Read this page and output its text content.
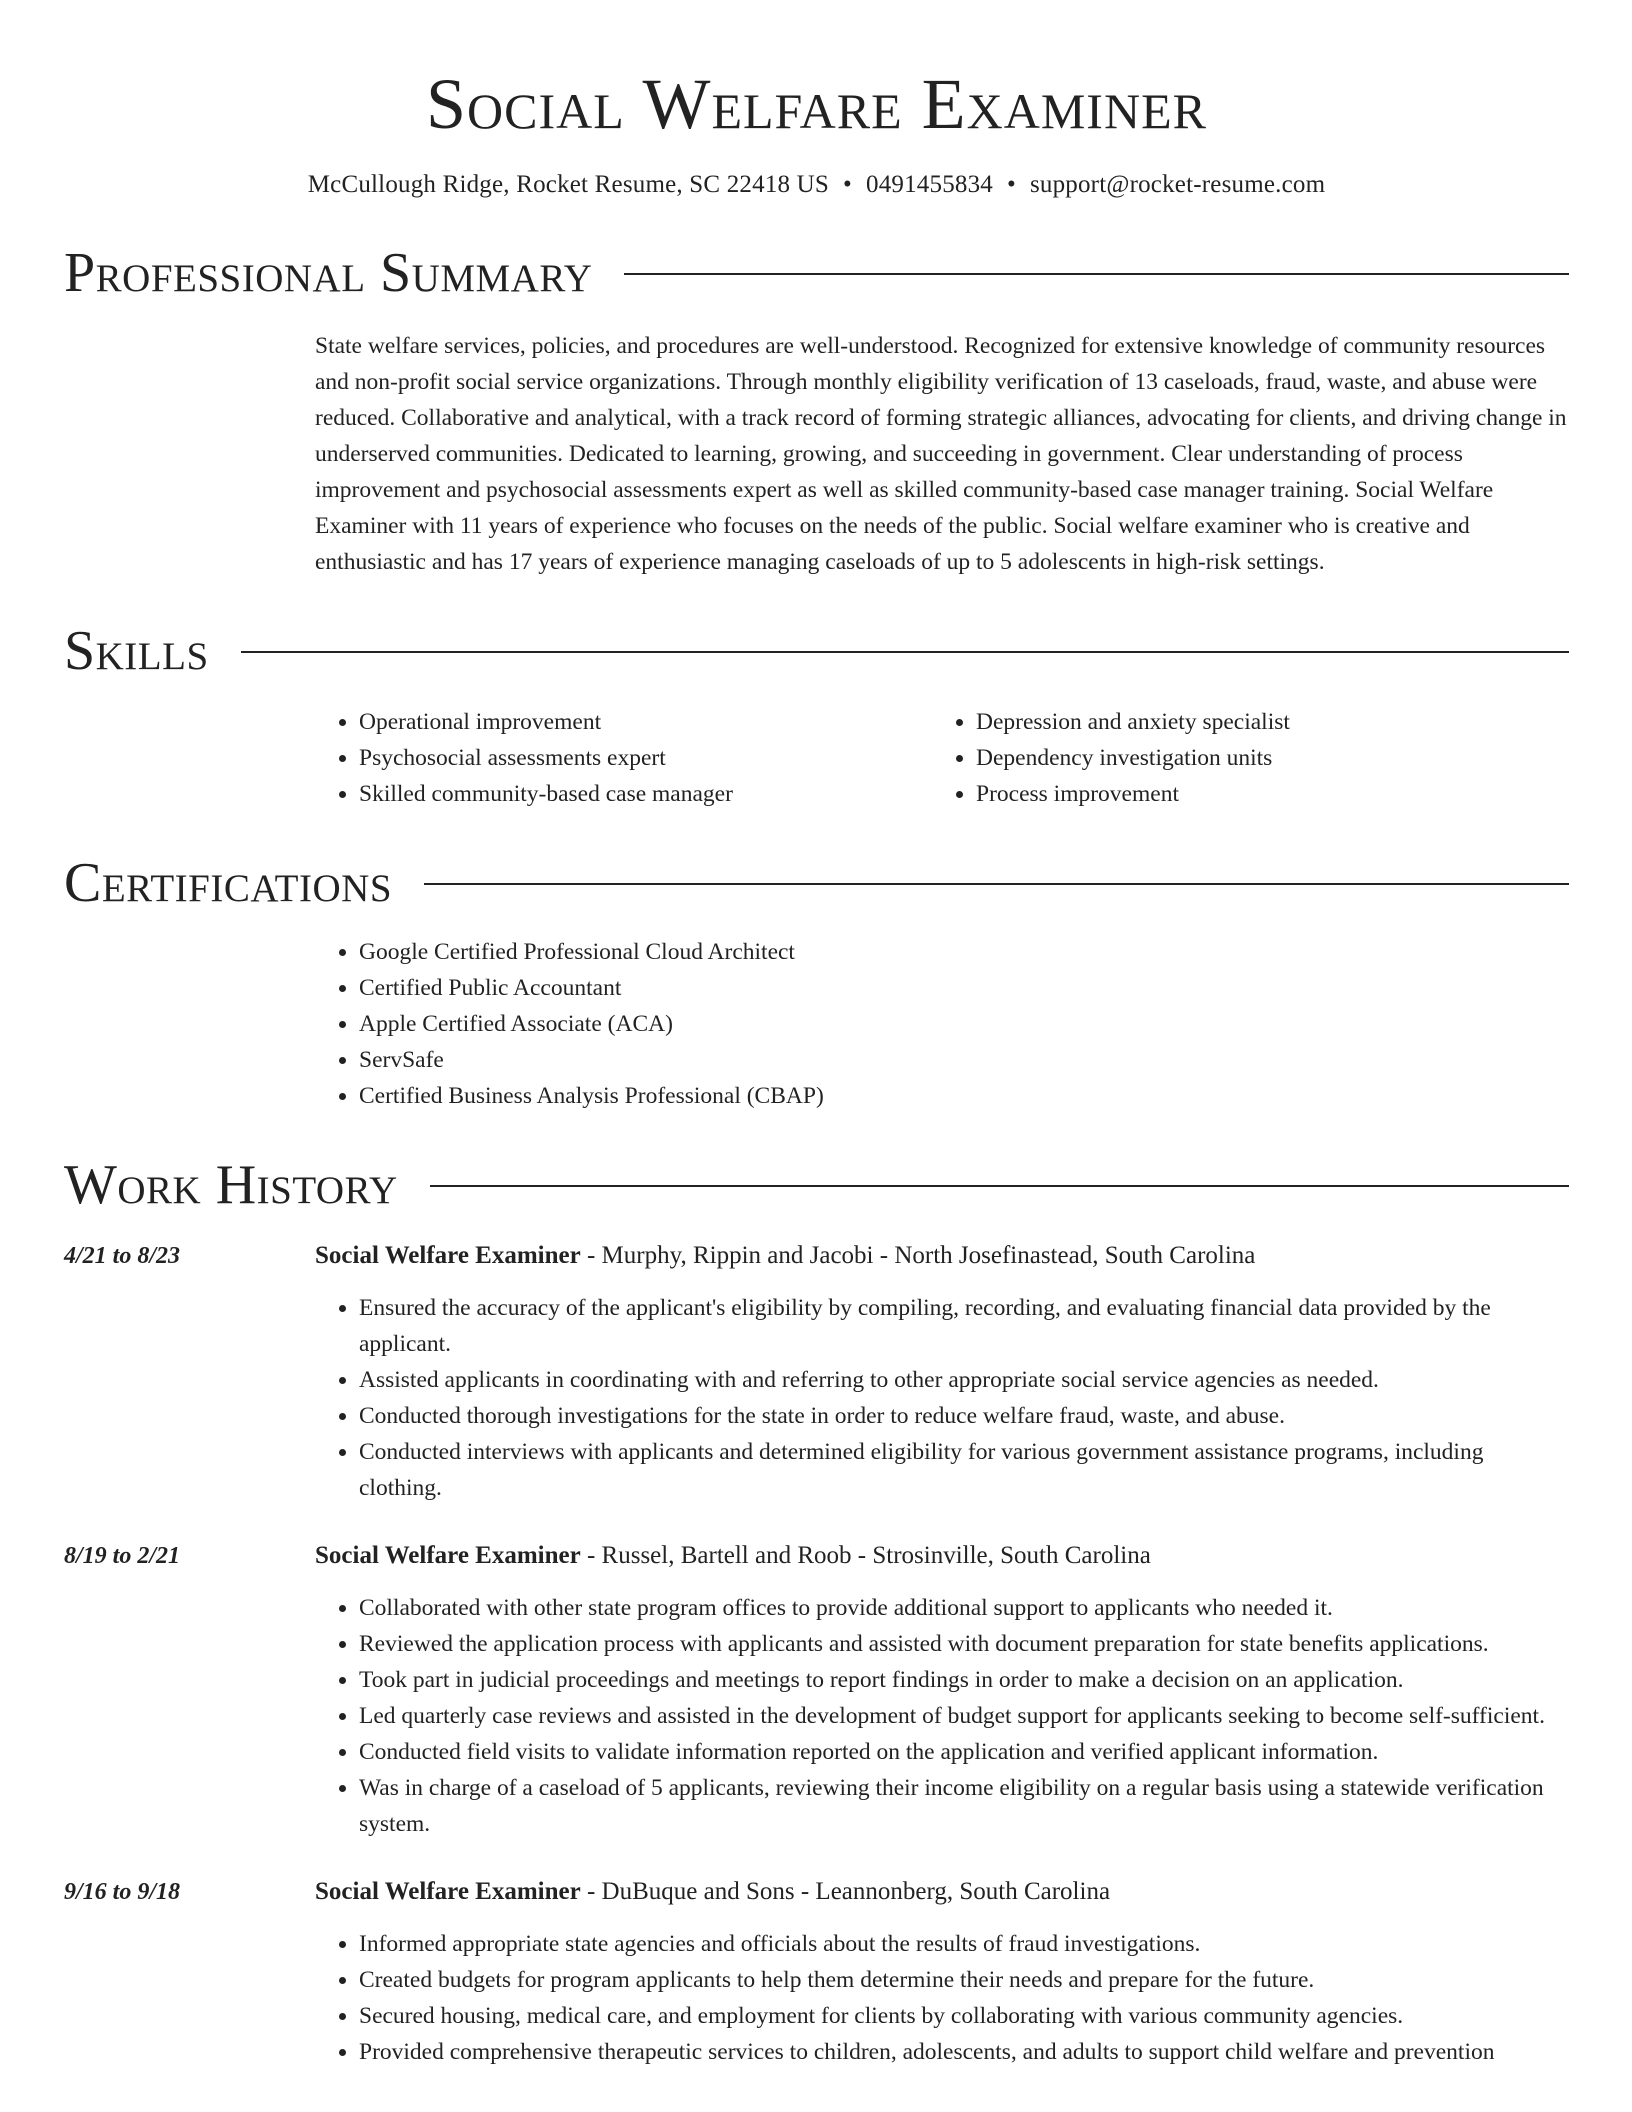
Social Welfare Examiner
McCullough Ridge, Rocket Resume, SC 22418 US • 0491455834 • support@rocket-resume.com
Professional Summary

State welfare services, policies, and procedures are well-understood. Recognized for extensive knowledge of community resources and non-profit social service organizations. Through monthly eligibility verification of 13 caseloads, fraud, waste, and abuse were reduced. Collaborative and analytical, with a track record of forming strategic alliances, advocating for clients, and driving change in underserved communities. Dedicated to learning, growing, and succeeding in government. Clear understanding of process improvement and psychosocial assessments expert as well as skilled community-based case manager training. Social Welfare Examiner with 11 years of experience who focuses on the needs of the public. Social welfare examiner who is creative and enthusiastic and has 17 years of experience managing caseloads of up to 5 adolescents in high-risk settings.

Skills
• Operational improvement
• Psychosocial assessments expert
• Skilled community-based case manager
• Depression and anxiety specialist
• Dependency investigation units
• Process improvement
Certifications
• Google Certified Professional Cloud Architect
• Certified Public Accountant
• Apple Certified Associate (ACA)
• ServSafe
• Certified Business Analysis Professional (CBAP)
Work History
4/21 to 8/23	Social Welfare Examiner - Murphy, Rippin and Jacobi - North Josefinastead, South Carolina
• Ensured the accuracy of the applicant's eligibility by compiling, recording, and evaluating financial data provided by the applicant.
• Assisted applicants in coordinating with and referring to other appropriate social service agencies as needed.
• Conducted thorough investigations for the state in order to reduce welfare fraud, waste, and abuse.
• Conducted interviews with applicants and determined eligibility for various government assistance programs, including clothing.
8/19 to 2/21	Social Welfare Examiner - Russel, Bartell and Roob - Strosinville, South Carolina
• Collaborated with other state program offices to provide additional support to applicants who needed it.
• Reviewed the application process with applicants and assisted with document preparation for state benefits applications.
• Took part in judicial proceedings and meetings to report findings in order to make a decision on an application.
• Led quarterly case reviews and assisted in the development of budget support for applicants seeking to become self-sufficient.
• Conducted field visits to validate information reported on the application and verified applicant information.
• Was in charge of a caseload of 5 applicants, reviewing their income eligibility on a regular basis using a statewide verification system.
9/16 to 9/18	Social Welfare Examiner - DuBuque and Sons - Leannonberg, South Carolina
• Informed appropriate state agencies and officials about the results of fraud investigations.
• Created budgets for program applicants to help them determine their needs and prepare for the future.
• Secured housing, medical care, and employment for clients by collaborating with various community agencies.
• Provided comprehensive therapeutic services to children, adolescents, and adults to support child welfare and prevention
